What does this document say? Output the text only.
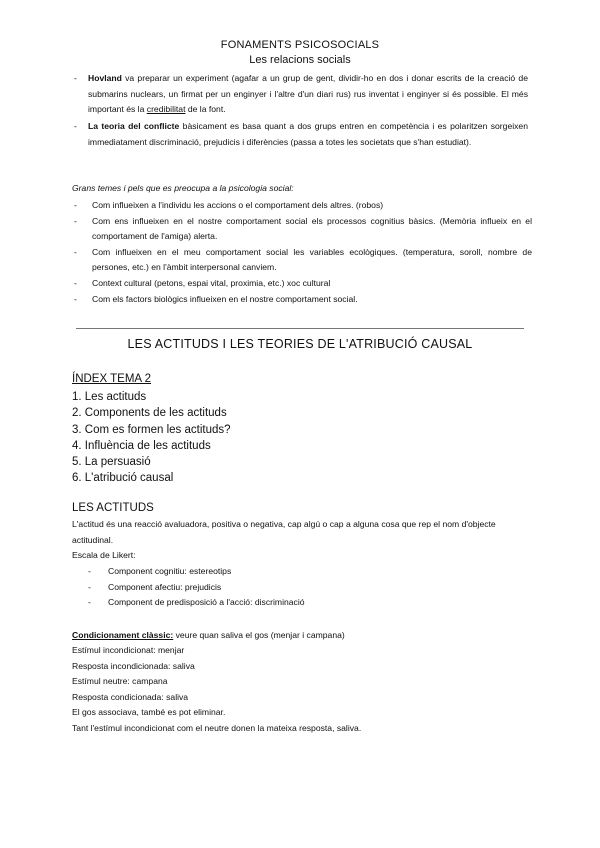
FONAMENTS PSICOSOCIALS
Les relacions socials
- Hovland va preparar un experiment (agafar a un grup de gent, dividir-ho en dos i donar escrits de la creació de submarins nuclears, un firmat per un enginyer i l'altre d'un diari rus) rus inventat i enginyer si és possible. El més important és la credibilitat de la font.
- La teoria del conflicte bàsicament es basa quant a dos grups entren en competència i es polaritzen sorgeixen immediatament discriminació, prejudicis i diferències (passa a totes les societats que s'han estudiat).
Grans temes i pels que es preocupa a la psicologia social:
- Com influeixen a l'individu les accions o el comportament dels altres. (robos)
- Com ens influeixen en el nostre comportament social els processos cognitius bàsics. (Memòria influeix en el comportament de l'amiga) alerta.
- Com influeixen en el meu comportament social les variables ecològiques. (temperatura, soroll, nombre de persones, etc.) en l'àmbit interpersonal canviem.
- Context cultural (petons, espai vital, proximia, etc.) xoc cultural
- Com els factors biològics influeixen en el nostre comportament social.
LES ACTITUDS I LES TEORIES DE L'ATRIBUCIÓ CAUSAL
ÍNDEX TEMA 2
1. Les actituds
2. Components de les actituds
3. Com es formen les actituds?
4. Influència de les actituds
5. La persuasió
6. L'atribució causal
LES ACTITUDS
L'actitud és una reacció avaluadora, positiva o negativa, cap algú o cap a alguna cosa que rep el nom d'objecte actitudinal.
Escala de Likert:
- Component cognitiu: estereotips
- Component afectiu: prejudicis
- Component de predisposició a l'acció: discriminació
Condicionament clàssic: veure quan saliva el gos (menjar i campana)
Estímul incondicionat: menjar
Resposta incondicionada: saliva
Estímul neutre: campana
Resposta condicionada: saliva
El gos associava, també es pot eliminar.
Tant l'estímul incondicionat com el neutre donen la mateixa resposta, saliva.
